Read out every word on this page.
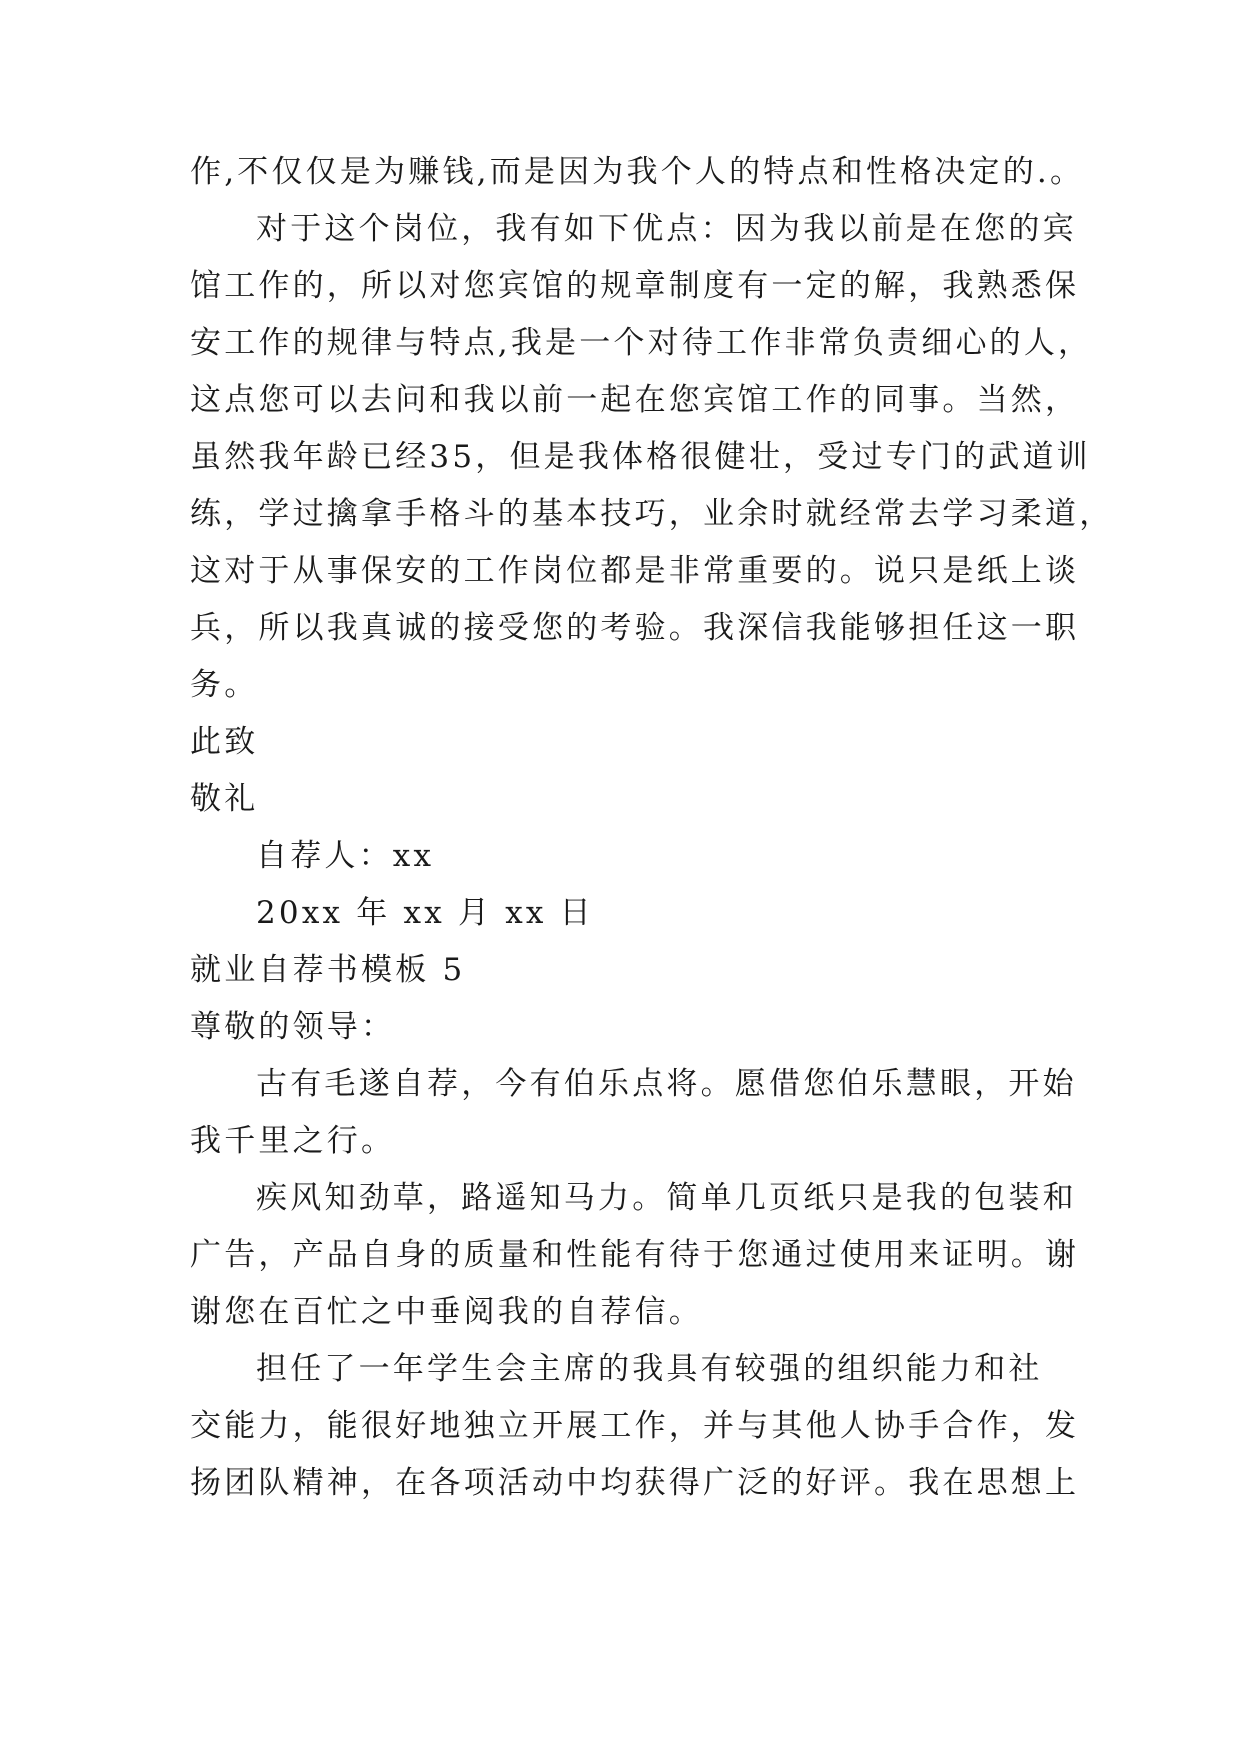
作,不仅仅是为赚钱,而是因为我个人的特点和性格决定的.。
对于这个岗位，我有如下优点：因为我以前是在您的宾
馆工作的，所以对您宾馆的规章制度有一定的解，我熟悉保
安工作的规律与特点,我是一个对待工作非常负责细心的人，
这点您可以去问和我以前一起在您宾馆工作的同事。当然，
虽然我年龄已经35，但是我体格很健壮，受过专门的武道训
练，学过擒拿手格斗的基本技巧，业余时就经常去学习柔道，
这对于从事保安的工作岗位都是非常重要的。说只是纸上谈
兵，所以我真诚的接受您的考验。我深信我能够担任这一职
务。
此致
敬礼
自荐人：xx
20xx 年 xx 月 xx 日
就业自荐书模板 5
尊敬的领导：
古有毛遂自荐，今有伯乐点将。愿借您伯乐慧眼，开始
我千里之行。
疾风知劲草，路遥知马力。简单几页纸只是我的包装和
广告，产品自身的质量和性能有待于您通过使用来证明。谢
谢您在百忙之中垂阅我的自荐信。
担任了一年学生会主席的我具有较强的组织能力和社
交能力，能很好地独立开展工作，并与其他人协手合作，发
扬团队精神，在各项活动中均获得广泛的好评。我在思想上
